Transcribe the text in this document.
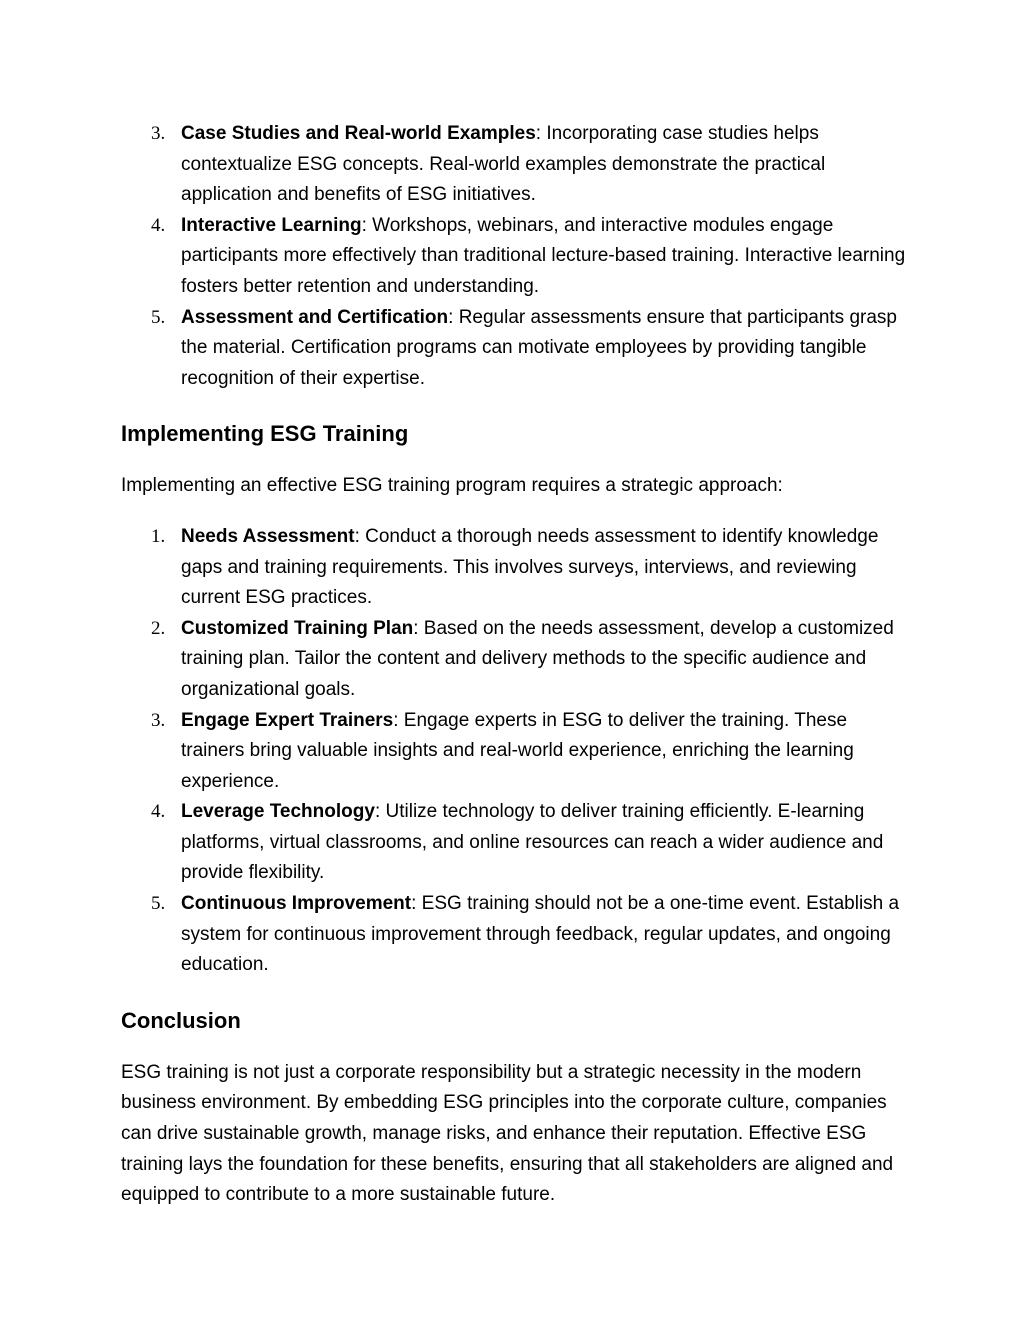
3. Case Studies and Real-world Examples: Incorporating case studies helps contextualize ESG concepts. Real-world examples demonstrate the practical application and benefits of ESG initiatives.
4. Interactive Learning: Workshops, webinars, and interactive modules engage participants more effectively than traditional lecture-based training. Interactive learning fosters better retention and understanding.
5. Assessment and Certification: Regular assessments ensure that participants grasp the material. Certification programs can motivate employees by providing tangible recognition of their expertise.
Implementing ESG Training

Implementing an effective ESG training program requires a strategic approach:

1. Needs Assessment: Conduct a thorough needs assessment to identify knowledge gaps and training requirements. This involves surveys, interviews, and reviewing current ESG practices.
2. Customized Training Plan: Based on the needs assessment, develop a customized training plan. Tailor the content and delivery methods to the specific audience and organizational goals.
3. Engage Expert Trainers: Engage experts in ESG to deliver the training. These trainers bring valuable insights and real-world experience, enriching the learning experience.
4. Leverage Technology: Utilize technology to deliver training efficiently. E-learning platforms, virtual classrooms, and online resources can reach a wider audience and provide flexibility.
5. Continuous Improvement: ESG training should not be a one-time event. Establish a system for continuous improvement through feedback, regular updates, and ongoing education.
Conclusion

ESG training is not just a corporate responsibility but a strategic necessity in the modern business environment. By embedding ESG principles into the corporate culture, companies can drive sustainable growth, manage risks, and enhance their reputation. Effective ESG training lays the foundation for these benefits, ensuring that all stakeholders are aligned and equipped to contribute to a more sustainable future.
